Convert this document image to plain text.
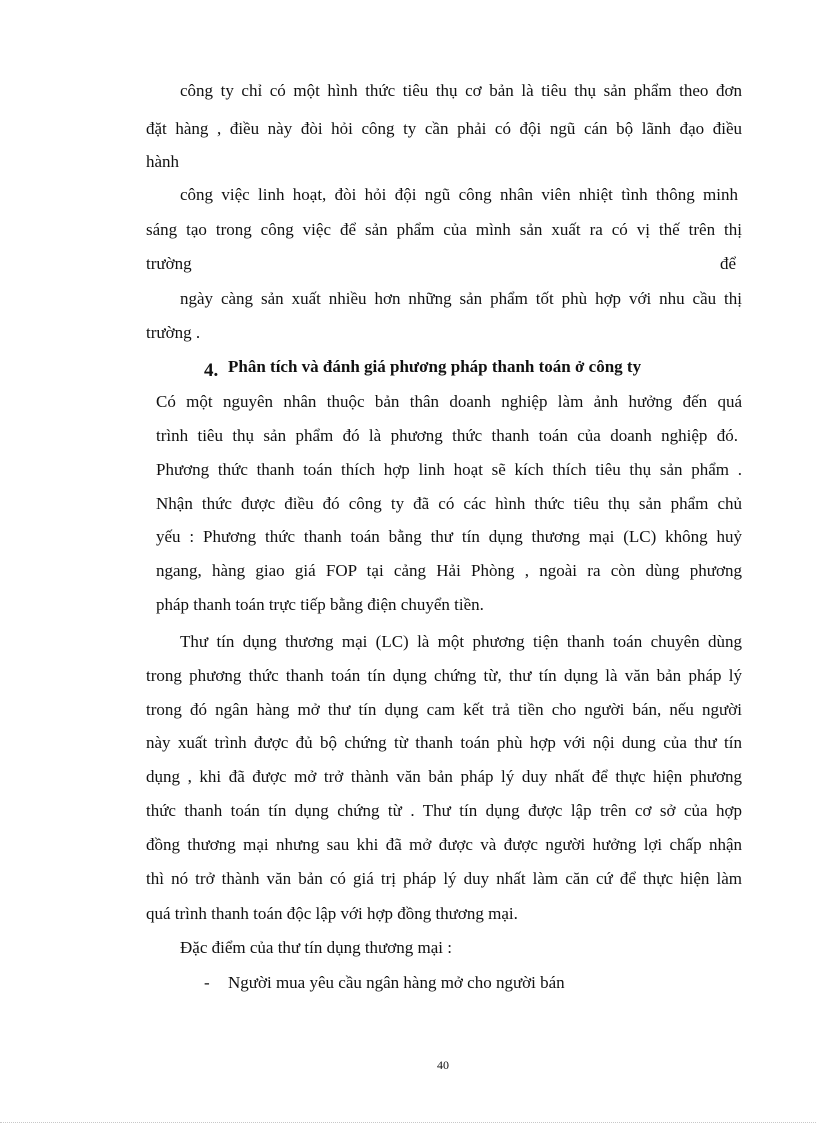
công ty chỉ có một hình thức tiêu thụ cơ bản là tiêu thụ sản phẩm theo đơn
đặt hàng , điều này đòi hỏi công ty cần phải có đội ngũ cán bộ lãnh đạo điều
hành
công việc linh hoạt, đòi hỏi đội ngũ công nhân viên nhiệt tình thông minh
sáng tạo trong công việc để sản phẩm của mình sản xuất ra có vị thế trên thị
trường	để
ngày càng sản xuất nhiều hơn những sản phẩm tốt phù hợp với nhu cầu thị
trường .
4. Phân tích và đánh giá phương pháp thanh toán ở công ty
Có một nguyên nhân thuộc bản thân doanh nghiệp làm ảnh hưởng đến quá
trình tiêu thụ sản phẩm đó là phương thức thanh toán của doanh nghiệp đó.
Phương thức thanh toán thích hợp linh hoạt sẽ kích thích tiêu thụ sản phẩm .
Nhận thức được điều đó công ty đã có các hình thức tiêu thụ sản phẩm chủ
yếu : Phương thức thanh toán bằng thư tín dụng thương mại (LC) không huỷ
ngang, hàng giao giá FOP tại cảng Hải Phòng , ngoài ra còn dùng phương
pháp thanh toán trực tiếp bằng điện chuyển tiền.
Thư tín dụng thương mại (LC) là một phương tiện thanh toán chuyên dùng
trong phương thức thanh toán tín dụng chứng từ, thư tín dụng là văn bản pháp lý
trong đó ngân hàng mở thư tín dụng cam kết trả tiền cho người bán, nếu người
này xuất trình được đủ bộ chứng từ thanh toán phù hợp với nội dung của thư tín
dụng , khi đã được mở trở thành văn bản pháp lý duy nhất để thực hiện phương
thức thanh toán tín dụng chứng từ . Thư tín dụng được lập trên cơ sở của hợp
đồng thương mại nhưng sau khi đã mở được và được người hưởng lợi chấp nhận
thì nó trở thành văn bản có giá trị pháp lý duy nhất làm căn cứ để thực hiện làm
quá trình thanh toán độc lập với hợp đồng thương mại.
Đặc điểm của thư tín dụng thương mại :
- Người mua yêu cầu ngân hàng mở cho người bán
40
